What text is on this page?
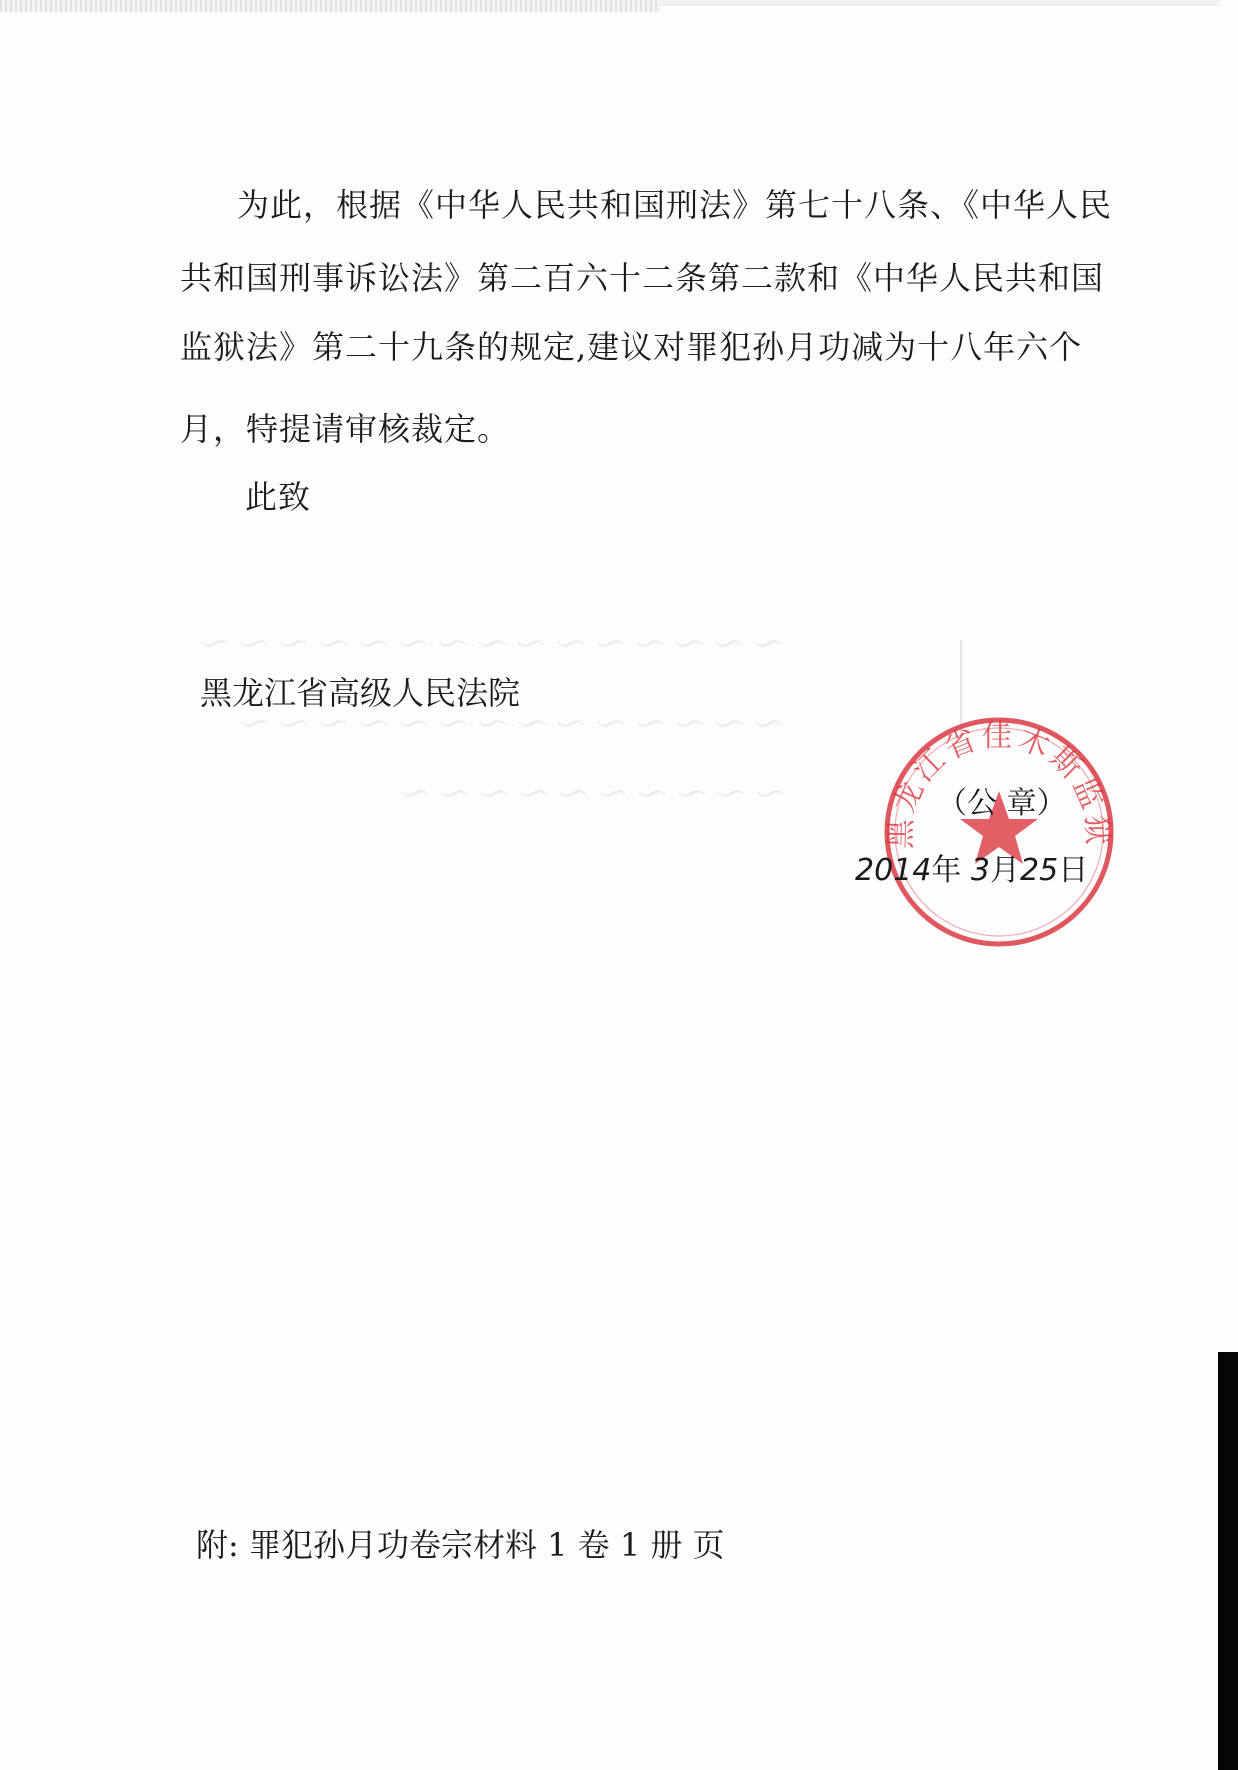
～ ～ ～ ～ ～ ～ ～ ～ ～ ～ ～ ～ ～ ～ ～
～ ～ ～ ～ ～ ～ ～ ～ ～ ～ ～ ～ ～ ～
～ ～ ～ ～ ～ ～ ～ ～ ～ ～
为此，根据《中华人民共和国刑法》第七十八条、《中华人民
共和国刑事诉讼法》第二百六十二条第二款和《中华人民共和国
监狱法》第二十九条的规定,建议对罪犯孙月功减为十八年六个
月，特提请审核裁定。
此致
黑龙江省高级人民法院
黑龙江省佳木斯监狱
（公 章）
2014年 3月25日
附: 罪犯孙月功卷宗材料 1 卷 1 册 页
